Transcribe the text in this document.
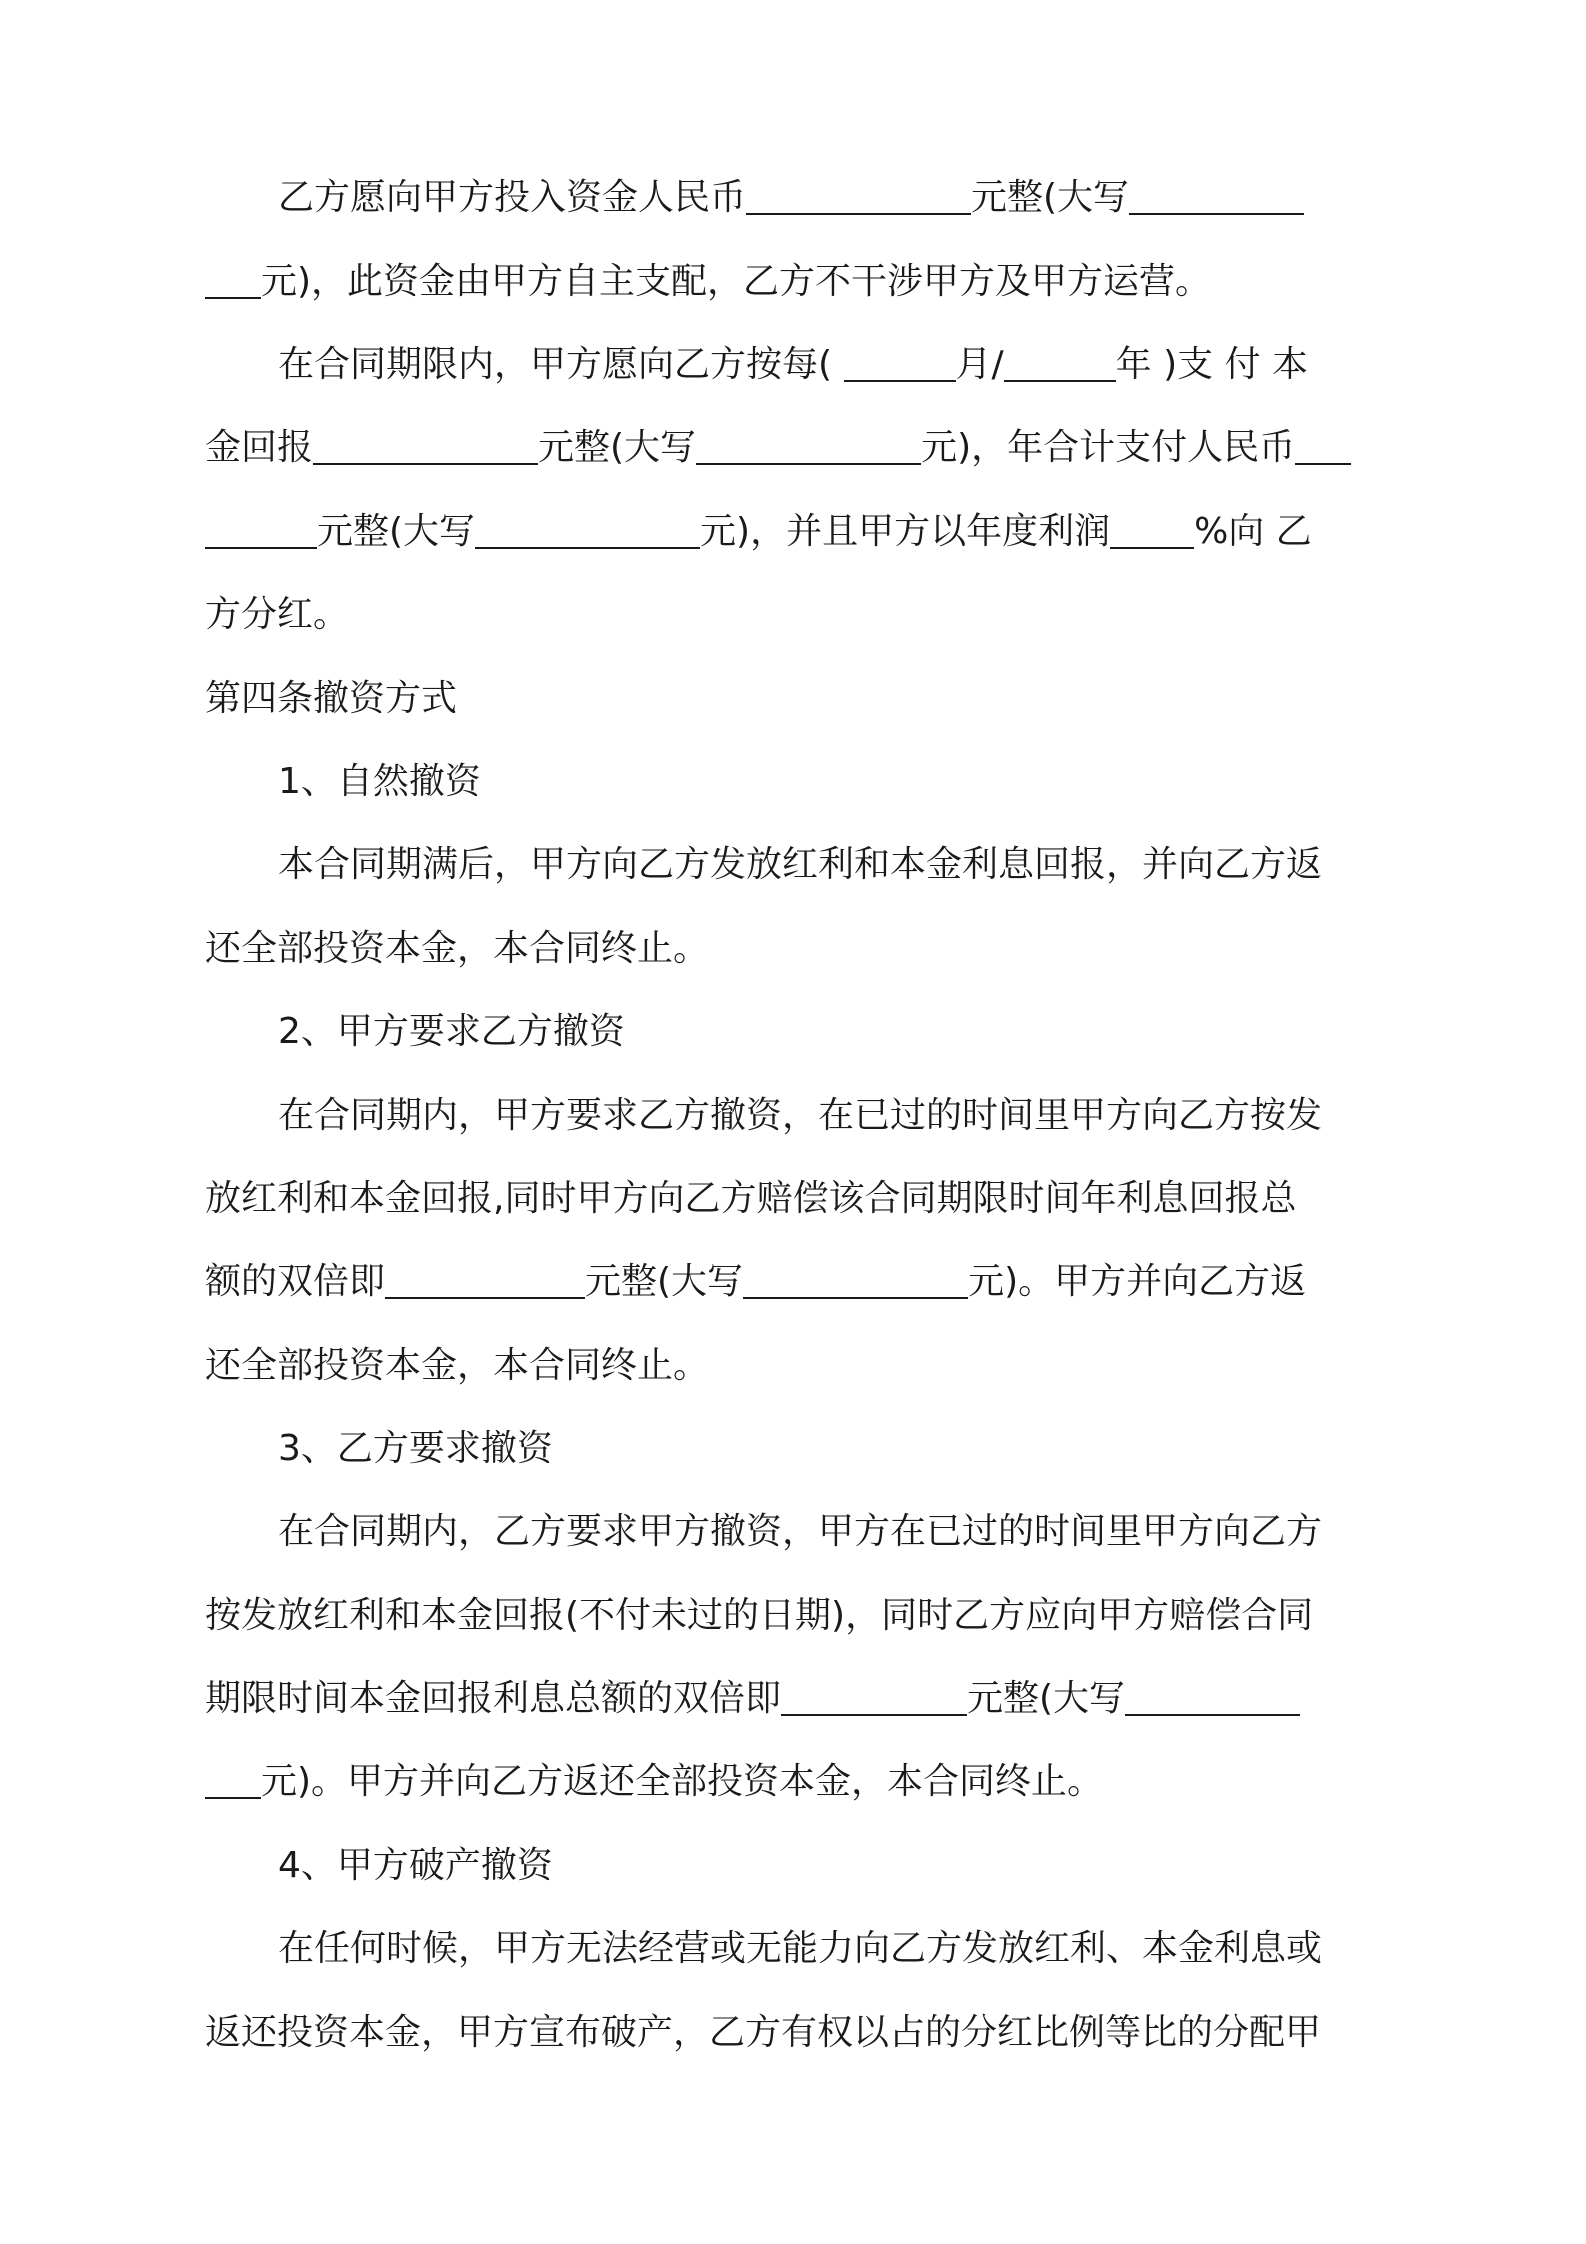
乙方愿向甲方投入资金人民币	元整(大写
元)，此资金由甲方自主支配，乙方不干涉甲方及甲方运营。
在合同期限内，甲方愿向乙方按每(	月/	年 )支 付 本
金回报	元整(大写	元)，年合计支付人民币
元整(大写	元)，并且甲方以年度利润 %向 乙
方分红。
第四条撤资方式
1、自然撤资
本合同期满后，甲方向乙方发放红利和本金利息回报，并向乙方返
还全部投资本金，本合同终止。
2、甲方要求乙方撤资
在合同期内，甲方要求乙方撤资，在已过的时间里甲方向乙方按发
放红利和本金回报,同时甲方向乙方赔偿该合同期限时间年利息回报总
额的双倍即	元整(大写	元)。甲方并向乙方返
还全部投资本金，本合同终止。
3、乙方要求撤资
在合同期内，乙方要求甲方撤资，甲方在已过的时间里甲方向乙方
按发放红利和本金回报(不付未过的日期)，同时乙方应向甲方赔偿合同
期限时间本金回报利息总额的双倍即	元整(大写
元)。甲方并向乙方返还全部投资本金，本合同终止。
4、甲方破产撤资
在任何时候，甲方无法经营或无能力向乙方发放红利、本金利息或
返还投资本金，甲方宣布破产，乙方有权以占的分红比例等比的分配甲
